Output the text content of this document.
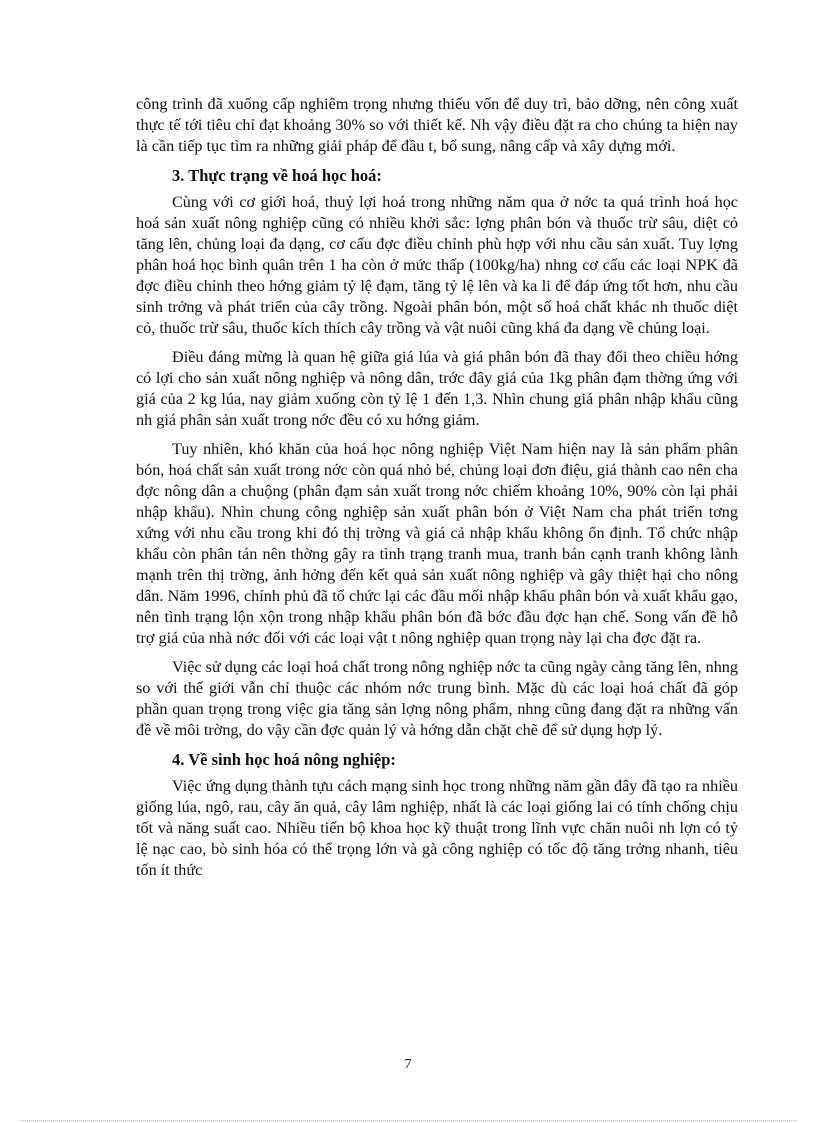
công trình đã xuống cấp nghiêm trọng nhưng thiếu vốn để duy trì, bảo dỡng, nên công xuất thực tế tới tiêu chỉ đạt khoảng 30% so với thiết kế. Nh vậy điều đặt ra cho chúng ta hiện nay là cần tiếp tục tìm ra những giải pháp để đầu t, bổ sung, nâng cấp và xây dựng mới.

3. Thực trạng về hoá học hoá:

Cùng với cơ giới hoá, thuỷ lợi hoá trong những năm qua ở nớc ta quá trình hoá học hoá sản xuất nông nghiệp cũng có nhiều khởi sắc: lợng phân bón và thuốc trừ sâu, diệt cỏ tăng lên, chủng loại đa dạng, cơ cấu đợc điều chỉnh phù hợp với nhu cầu sản xuất. Tuy lợng phân hoá học bình quân trên 1 ha còn ở mức thấp (100kg/ha) nhng cơ cấu các loại NPK đã đợc điều chỉnh theo hớng giảm tỷ lệ đạm, tăng tỷ lệ lên và ka li để đáp ứng tốt hơn, nhu cầu sinh trởng và phát triển của cây trồng. Ngoài phân bón, một số hoá chất khác nh thuốc diệt cỏ, thuốc trừ sâu, thuốc kích thích cây trồng và vật nuôi cũng khá đa dạng về chủng loại.

Điều đáng mừng là quan hệ giữa giá lúa và giá phân bón đã thay đổi theo chiều hớng có lợi cho sản xuất nông nghiệp và nông dân, trớc đây giá của 1kg phân đạm thờng ứng với giá của 2 kg lúa, nay giảm xuống còn tỷ lệ 1 đến 1,3. Nhìn chung giá phân nhập khẩu cũng nh giá phân sản xuất trong nớc đều có xu hớng giảm.

Tuy nhiên, khó khăn của hoá học nông nghiệp Việt Nam hiện nay là sản phẩm phân bón, hoá chất sản xuất trong nớc còn quá nhỏ bé, chủng loại đơn điệu, giá thành cao nên cha đợc nông dân a chuộng (phân đạm sản xuất trong nớc chiếm khoảng 10%, 90% còn lại phải nhập khẩu). Nhìn chung công nghiệp sản xuất phân bón ở Việt Nam cha phát triển tơng xứng với nhu cầu trong khi đó thị trờng và giá cả nhập khẩu không ổn định. Tổ chức nhập khẩu còn phân tán nên thờng gây ra tình trạng tranh mua, tranh bán cạnh tranh không lành mạnh trên thị trờng, ảnh hởng đến kết quả sản xuất nông nghiệp và gây thiệt hại cho nông dân. Năm 1996, chính phủ đã tổ chức lại các đầu mối nhập khẩu phân bón và xuất khẩu gạo, nên tình trạng lộn xộn trong nhập khẩu phân bón đã bớc đầu đợc hạn chế. Song vấn đề hỗ trợ giá của nhà nớc đối với các loại vật t nông nghiệp quan trọng này lại cha đợc đặt ra.

Việc sử dụng các loại hoá chất trong nông nghiệp nớc ta cũng ngày càng tăng lên, nhng so với thế giới vẫn chỉ thuộc các nhóm nớc trung bình. Mặc dù các loại hoá chất đã góp phần quan trọng trong việc gia tăng sản lợng nông phẩm, nhng cũng đang đặt ra những vấn đề về môi trờng, do vậy cần đợc quản lý và hớng dẫn chặt chẽ để sử dụng hợp lý.

4. Về sinh học hoá nông nghiệp:

Việc ứng dụng thành tựu cách mạng sinh học trong những năm gần đây đã tạo ra nhiều giống lúa, ngô, rau, cây ăn quả, cây lâm nghiệp, nhất là các loại giống lai có tính chống chịu tốt và năng suất cao. Nhiều tiến bộ khoa học kỹ thuật trong lĩnh vực chăn nuôi nh lợn có tỷ lệ nạc cao, bò sinh hóa có thể trọng lớn và gà công nghiệp có tốc độ tăng trởng nhanh, tiêu tốn ít thức

7
